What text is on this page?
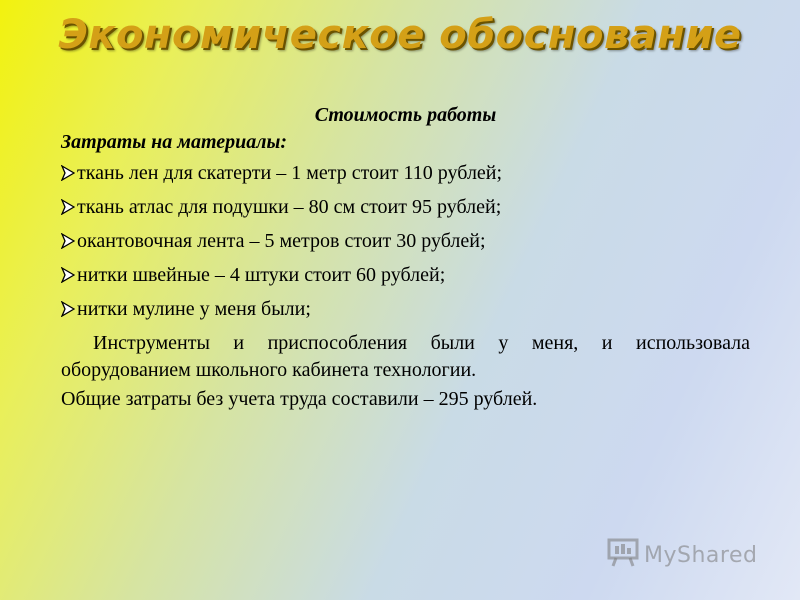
Экономическое обоснование

Стоимость работы

Затраты на материалы:

ткань лен для скатерти – 1 метр стоит 110 рублей;
ткань атлас для подушки – 80 см стоит 95 рублей;
окантовочная лента – 5 метров стоит 30 рублей;
нитки швейные – 4 штуки стоит 60 рублей;
нитки мулине у меня были;

Инструменты и приспособления были у меня, и использовала оборудованием школьного кабинета технологии.

Общие затраты без учета труда составили – 295 рублей.

MyShared
